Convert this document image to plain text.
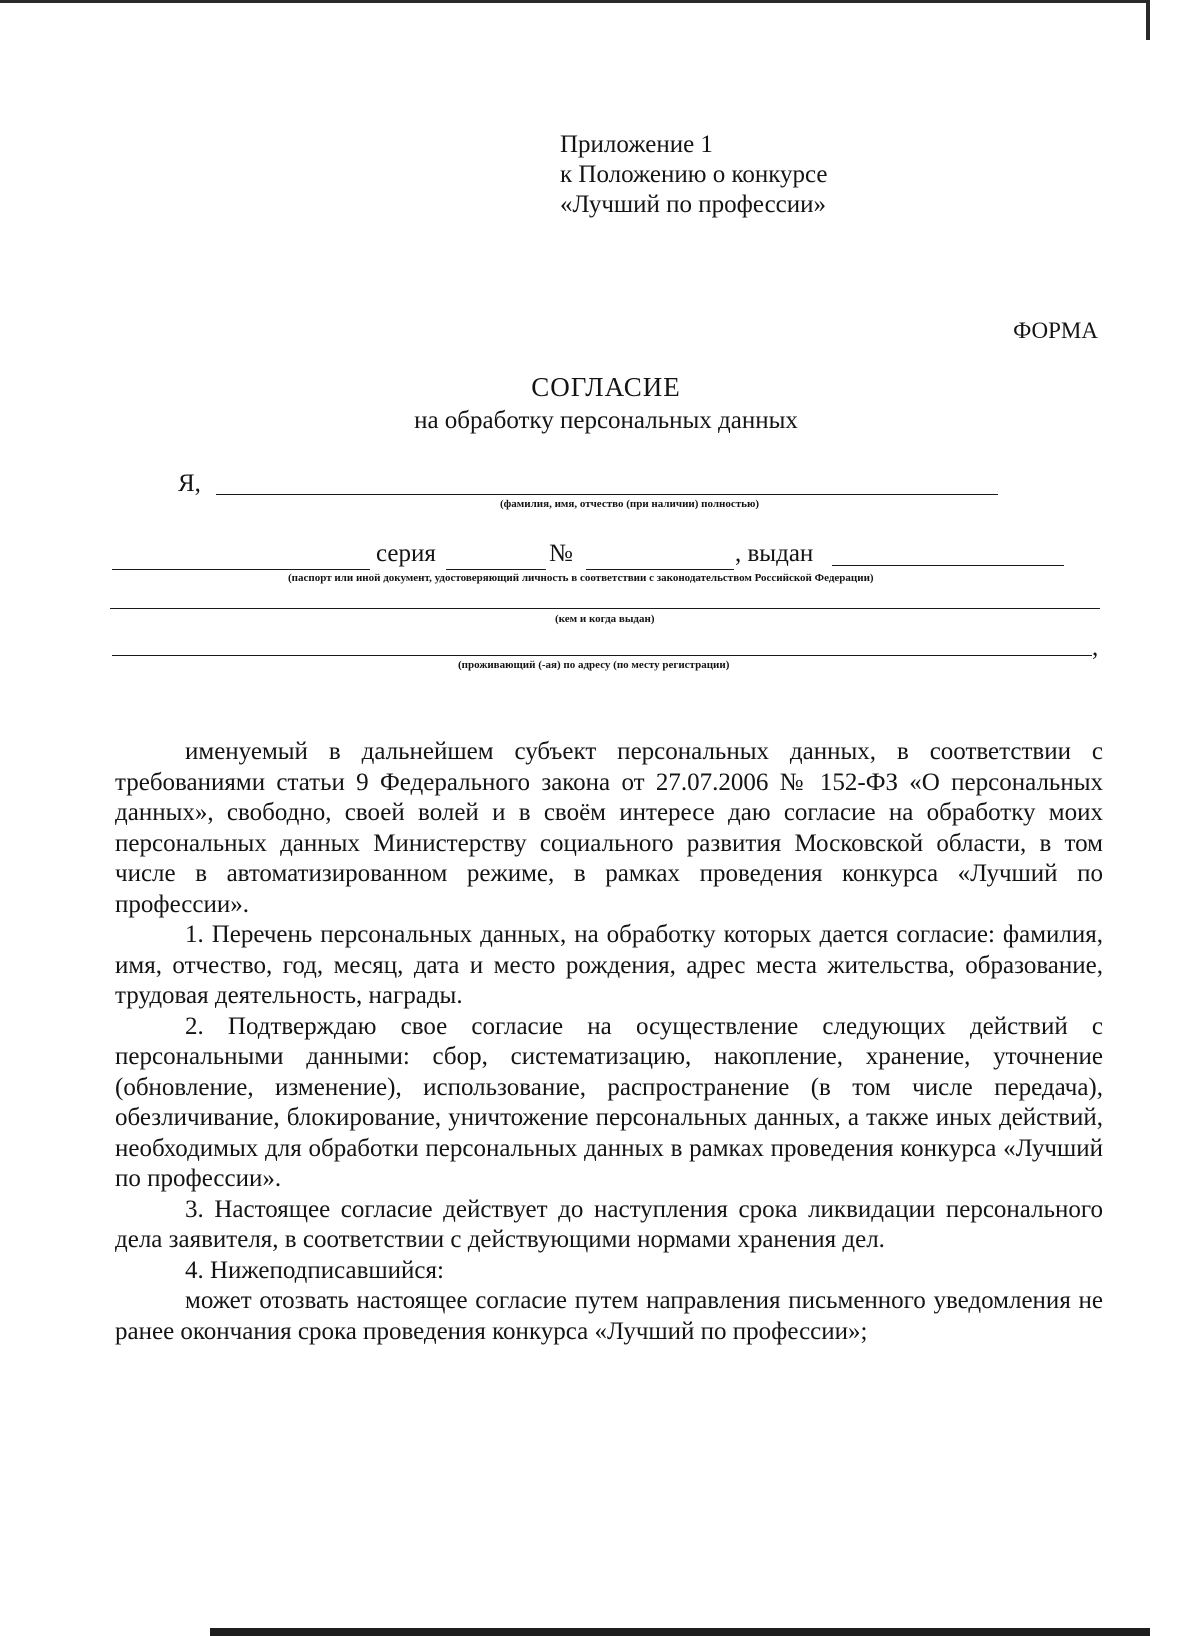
Приложение 1
к Положению о конкурсе
«Лучший по профессии»
ФОРМА
СОГЛАСИЕ
на обработку персональных данных
Я,
(фамилия, имя, отчество (при наличии) полностью)
серия	№	, выдан
(паспорт или иной документ, удостоверяющий личность в соответствии с законодательством Российской Федерации)
(кем и когда выдан)
,
(проживающий (-ая) по адресу (по месту регистрации)

именуемый в дальнейшем субъект персональных данных, в соответствии с требованиями статьи 9 Федерального закона от 27.07.2006 № 152-ФЗ «О персональных данных», свободно, своей волей и в своём интересе даю согласие на обработку моих персональных данных Министерству социального развития Московской области, в том числе в автоматизированном режиме, в рамках проведения конкурса «Лучший по профессии».

1. Перечень персональных данных, на обработку которых дается согласие: фамилия, имя, отчество, год, месяц, дата и место рождения, адрес места жительства, образование, трудовая деятельность, награды.

2. Подтверждаю свое согласие на осуществление следующих действий с персональными данными: сбор, систематизацию, накопление, хранение, уточнение (обновление, изменение), использование, распространение (в том числе передача), обезличивание, блокирование, уничтожение персональных данных, а также иных действий, необходимых для обработки персональных данных в рамках проведения конкурса «Лучший по профессии».

3. Настоящее согласие действует до наступления срока ликвидации персонального дела заявителя, в соответствии с действующими нормами хранения дел.

4. Нижеподписавшийся:

может отозвать настоящее согласие путем направления письменного уведомления не ранее окончания срока проведения конкурса «Лучший по профессии»;
